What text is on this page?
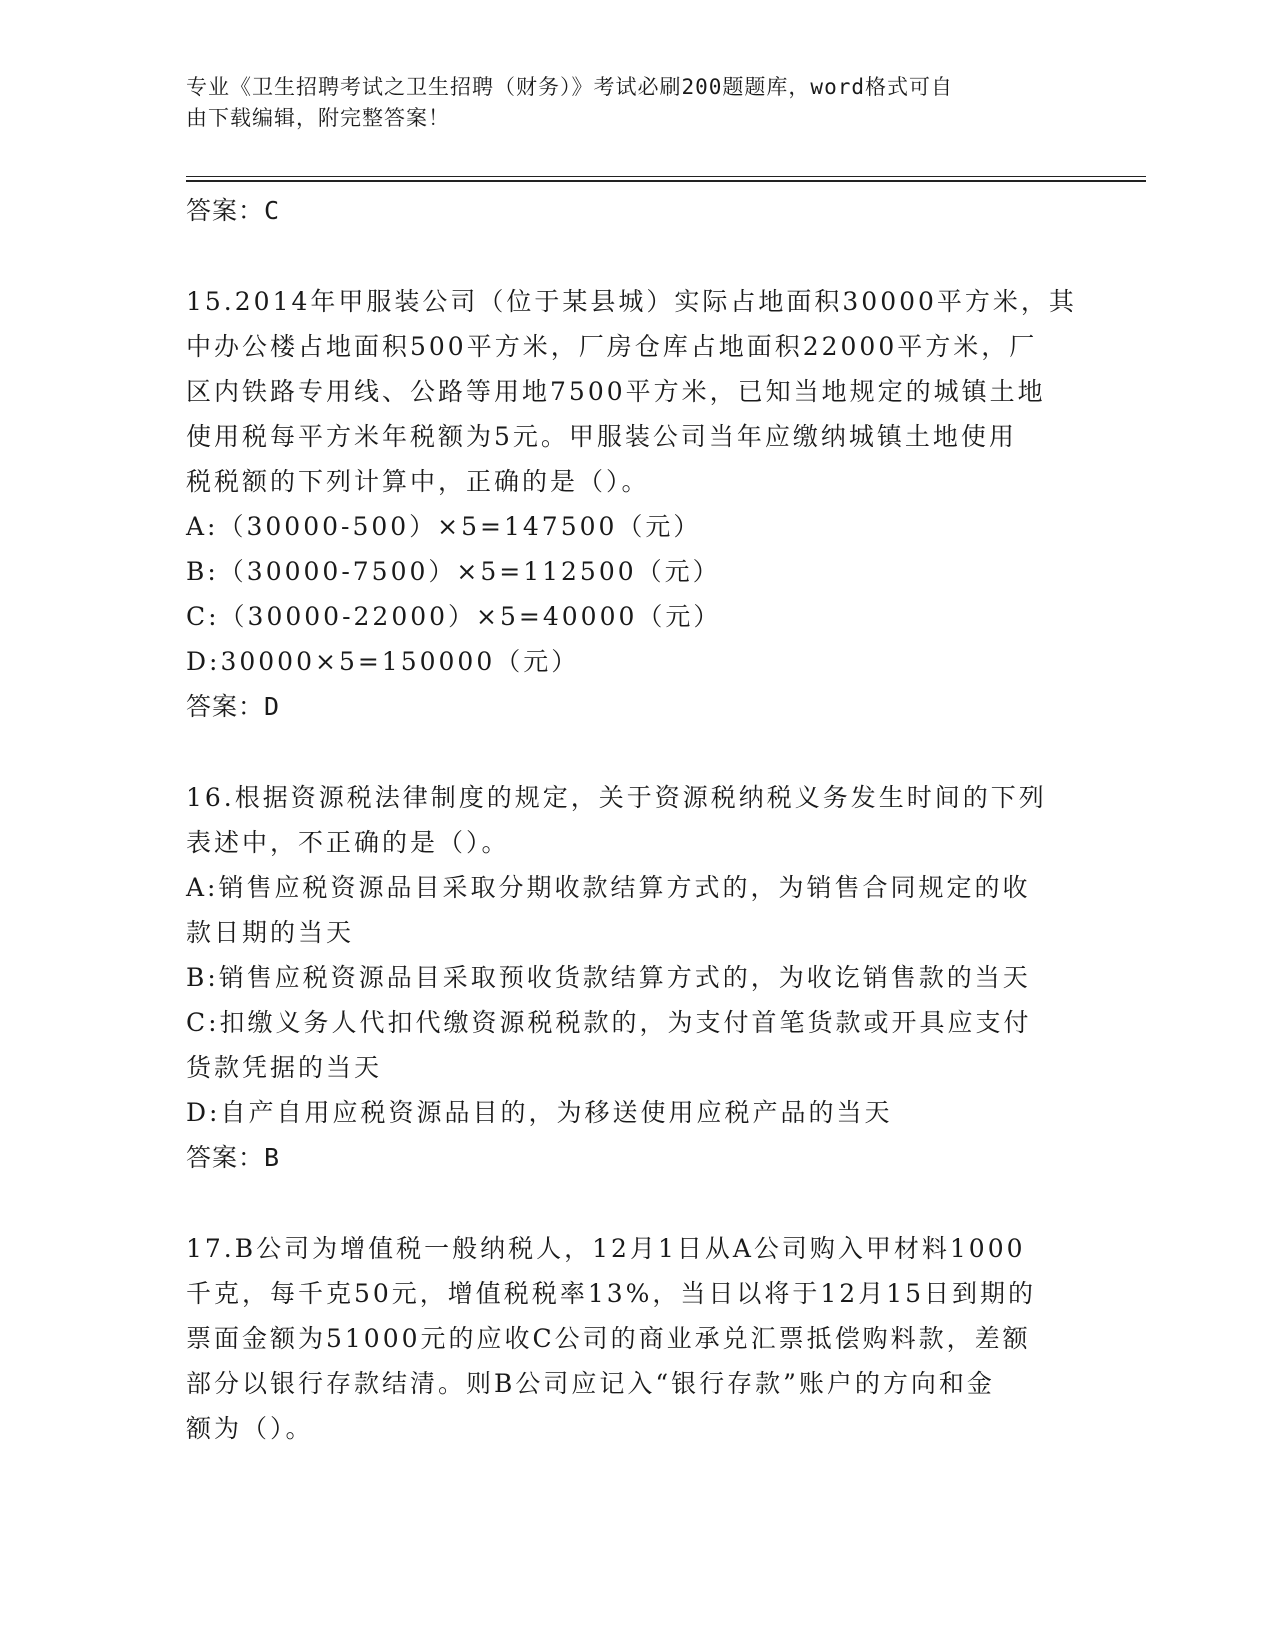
专业《卫生招聘考试之卫生招聘（财务）》考试必刷200题题库，word格式可自
由下载编辑，附完整答案！
答案：C
15.2014年甲服装公司（位于某县城）实际占地面积30000平方米，其
中办公楼占地面积500平方米，厂房仓库占地面积22000平方米，厂
区内铁路专用线、公路等用地7500平方米，已知当地规定的城镇土地
使用税每平方米年税额为5元。甲服装公司当年应缴纳城镇土地使用
税税额的下列计算中，正确的是（）。
A:（30000-500）×5=147500（元）
B:（30000-7500）×5=112500（元）
C:（30000-22000）×5=40000（元）
D:30000×5=150000（元）
答案：D
16.根据资源税法律制度的规定，关于资源税纳税义务发生时间的下列
表述中，不正确的是（）。
A:销售应税资源品目采取分期收款结算方式的，为销售合同规定的收
款日期的当天
B:销售应税资源品目采取预收货款结算方式的，为收讫销售款的当天
C:扣缴义务人代扣代缴资源税税款的，为支付首笔货款或开具应支付
货款凭据的当天
D:自产自用应税资源品目的，为移送使用应税产品的当天
答案：B
17.B公司为增值税一般纳税人，12月1日从A公司购入甲材料1000
千克，每千克50元，增值税税率13%，当日以将于12月15日到期的
票面金额为51000元的应收C公司的商业承兑汇票抵偿购料款，差额
部分以银行存款结清。则B公司应记入“银行存款”账户的方向和金
额为（）。
